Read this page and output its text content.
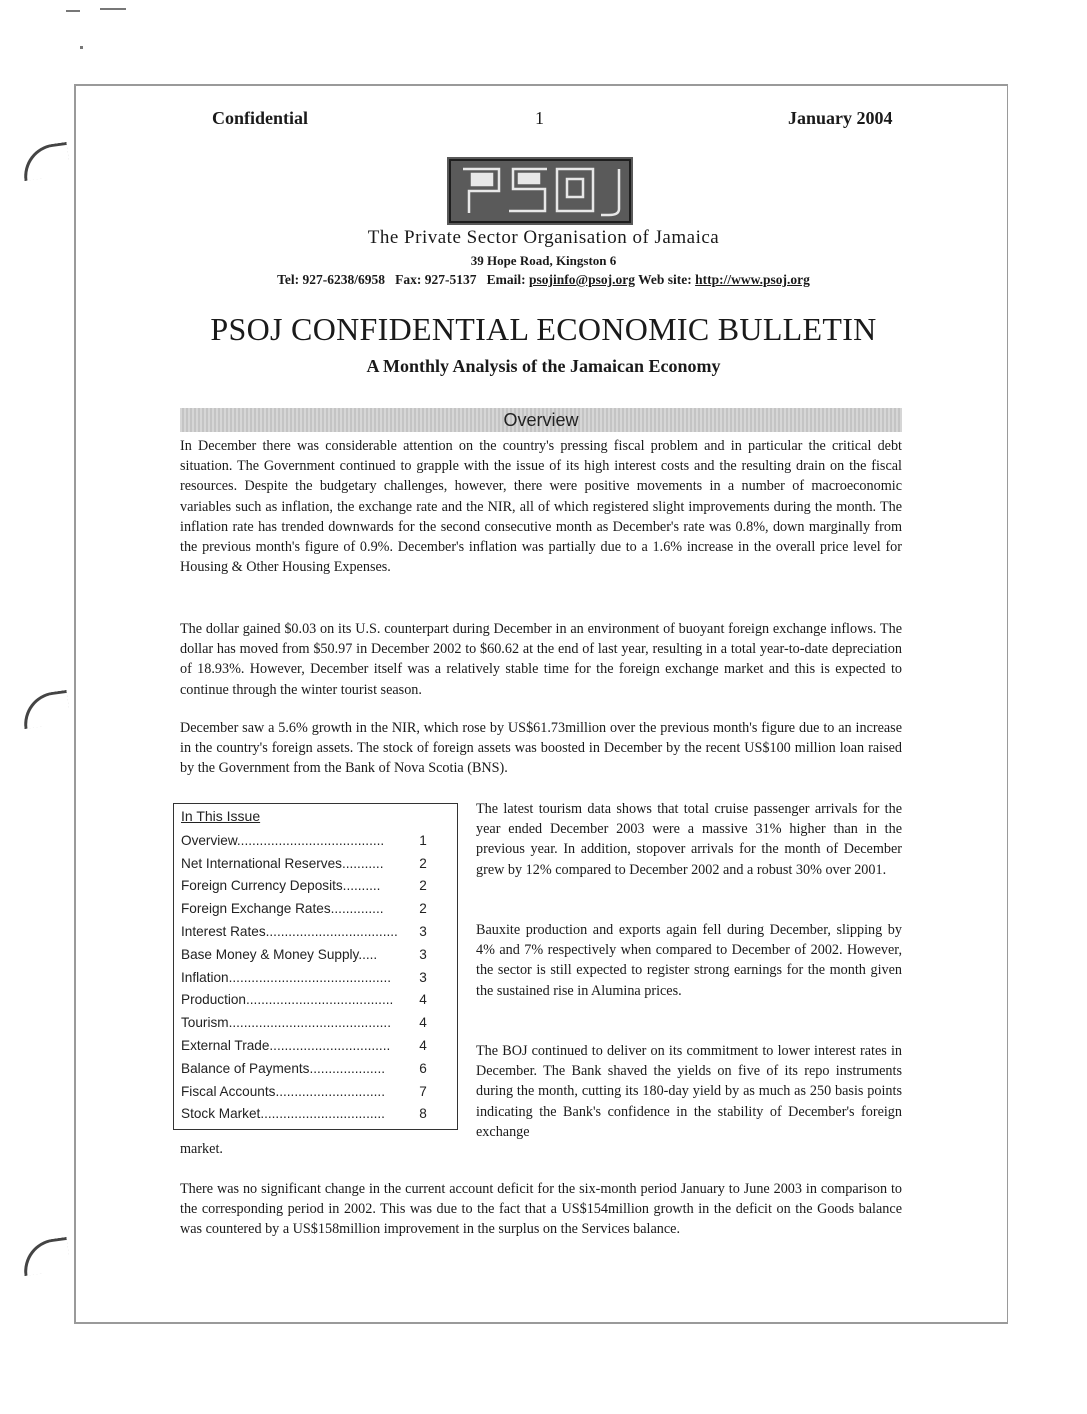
Confidential	1	January 2004
The Private Sector Organisation of Jamaica
39 Hope Road, Kingston 6
Tel: 927-6238/6958   Fax: 927-5137   Email: psojinfo@psoj.org Web site: http://www.psoj.org
PSOJ CONFIDENTIAL ECONOMIC BULLETIN
A Monthly Analysis of the Jamaican Economy
Overview

In December there was considerable attention on the country's pressing fiscal problem and in particular the critical debt situation. The Government continued to grapple with the issue of its high interest costs and the resulting drain on the fiscal resources. Despite the budgetary challenges, however, there were positive movements in a number of macroeconomic variables such as inflation, the exchange rate and the NIR, all of which registered slight improvements during the month. The inflation rate has trended downwards for the second consecutive month as December's rate was 0.8%, down marginally from the previous month's figure of 0.9%. December's inflation was partially due to a 1.6% increase in the overall price level for Housing & Other Housing Expenses.

The dollar gained $0.03 on its U.S. counterpart during December in an environment of buoyant foreign exchange inflows. The dollar has moved from $50.97 in December 2002 to $60.62 at the end of last year, resulting in a total year-to-date depreciation of 18.93%. However, December itself was a relatively stable time for the foreign exchange market and this is expected to continue through the winter tourist season.

December saw a 5.6% growth in the NIR, which rose by US$61.73million over the previous month's figure due to an increase in the country's foreign assets. The stock of foreign assets was boosted in December by the recent US$100 million loan raised by the Government from the Bank of Nova Scotia (BNS).

In This Issue
Overview.......................................	1
Net International Reserves...........	2
Foreign Currency Deposits..........	2
Foreign Exchange Rates..............	2
Interest Rates...................................	3
Base Money & Money Supply.....	3
Inflation...........................................	3
Production.......................................	4
Tourism...........................................	4
External Trade................................	4
Balance of Payments....................	6
Fiscal Accounts.............................	7
Stock Market.................................	8

The latest tourism data shows that total cruise passenger arrivals for the year ended December 2003 were a massive 31% higher than in the previous year. In addition, stopover arrivals for the month of December grew by 12% compared to December 2002 and a robust 30% over 2001.

Bauxite production and exports again fell during December, slipping by 4% and 7% respectively when compared to December of 2002. However, the sector is still expected to register strong earnings for the month given the sustained rise in Alumina prices.

The BOJ continued to deliver on its commitment to lower interest rates in December. The Bank shaved the yields on five of its repo instruments during the month, cutting its 180-day yield by as much as 250 basis points indicating the Bank's confidence in the stability of December's foreign exchange

market.

There was no significant change in the current account deficit for the six-month period January to June 2003 in comparison to the corresponding period in 2002. This was due to the fact that a US$154million growth in the deficit on the Goods balance was countered by a US$158million improvement in the surplus on the Services balance.
